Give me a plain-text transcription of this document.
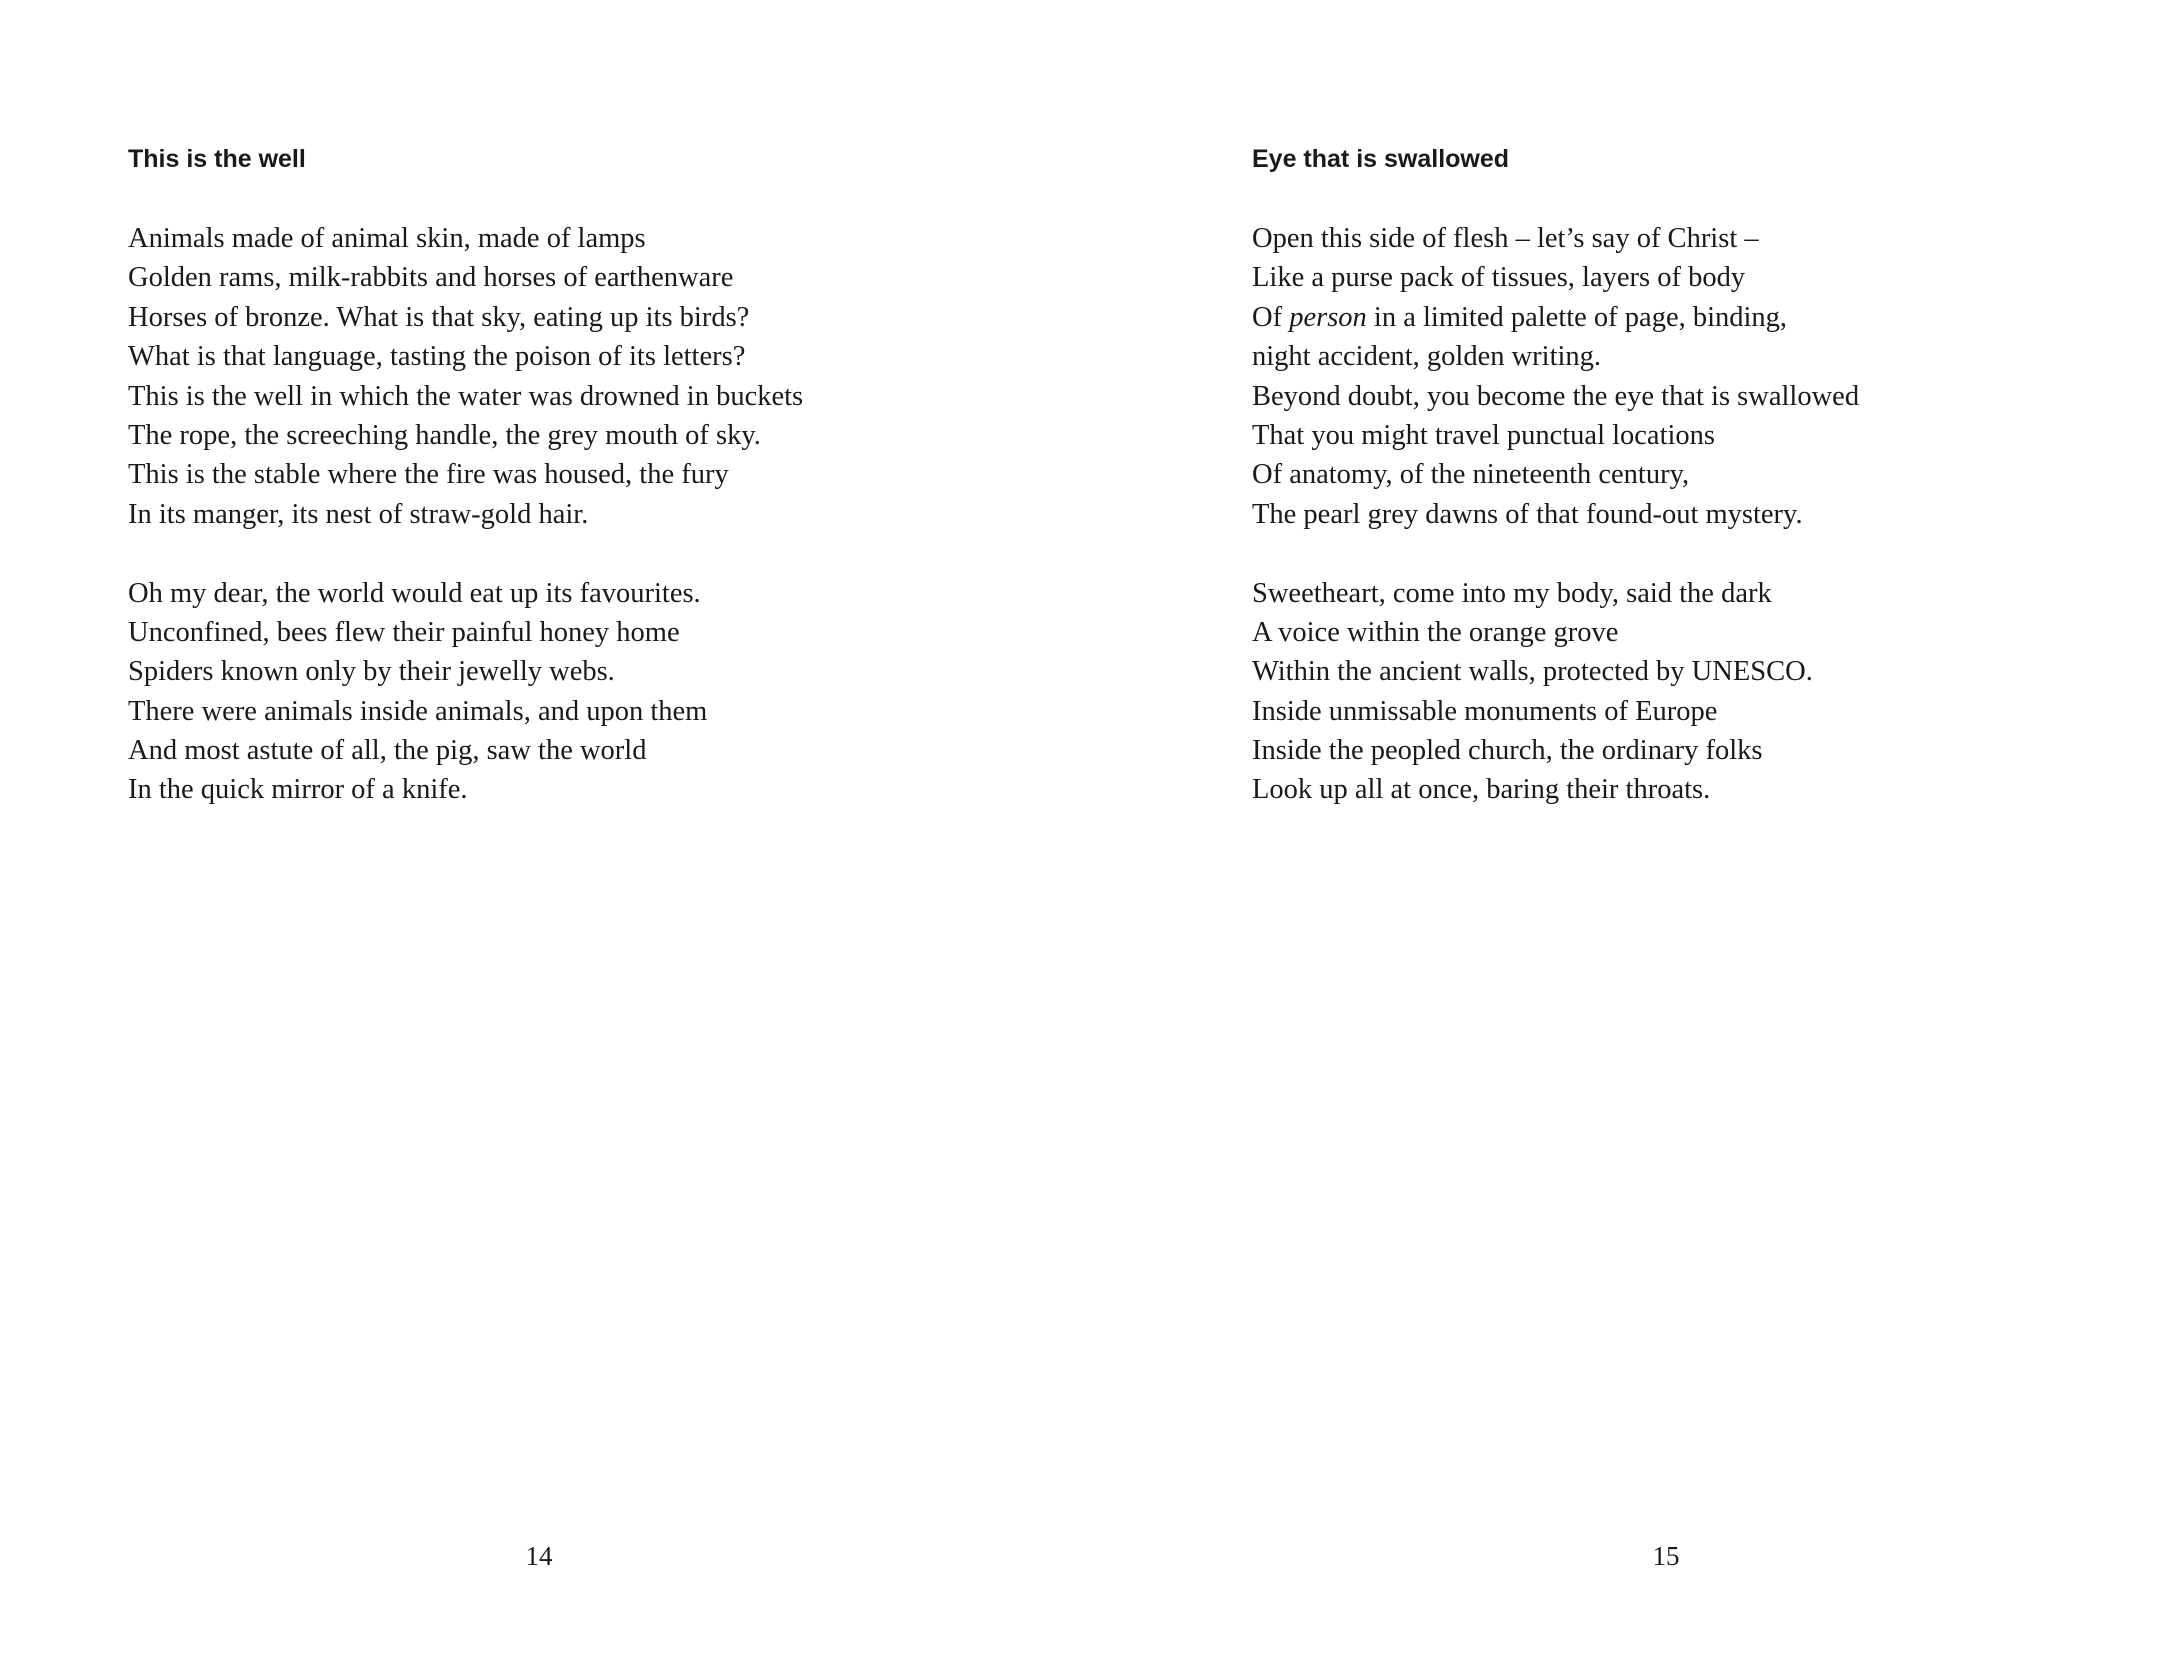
This is the well
Animals made of animal skin, made of lamps
Golden rams, milk-rabbits and horses of earthenware
Horses of bronze. What is that sky, eating up its birds?
What is that language, tasting the poison of its letters?
This is the well in which the water was drowned in buckets
The rope, the screeching handle, the grey mouth of sky.
This is the stable where the fire was housed, the fury
In its manger, its nest of straw-gold hair.
Oh my dear, the world would eat up its favourites.
Unconfined, bees flew their painful honey home
Spiders known only by their jewelly webs.
There were animals inside animals, and upon them
And most astute of all, the pig, saw the world
In the quick mirror of a knife.
14
Eye that is swallowed
Open this side of flesh – let’s say of Christ –
Like a purse pack of tissues, layers of body
Of person in a limited palette of page, binding,
night accident, golden writing.
Beyond doubt, you become the eye that is swallowed
That you might travel punctual locations
Of anatomy, of the nineteenth century,
The pearl grey dawns of that found-out mystery.
Sweetheart, come into my body, said the dark
A voice within the orange grove
Within the ancient walls, protected by UNESCO.
Inside unmissable monuments of Europe
Inside the peopled church, the ordinary folks
Look up all at once, baring their throats.
15
